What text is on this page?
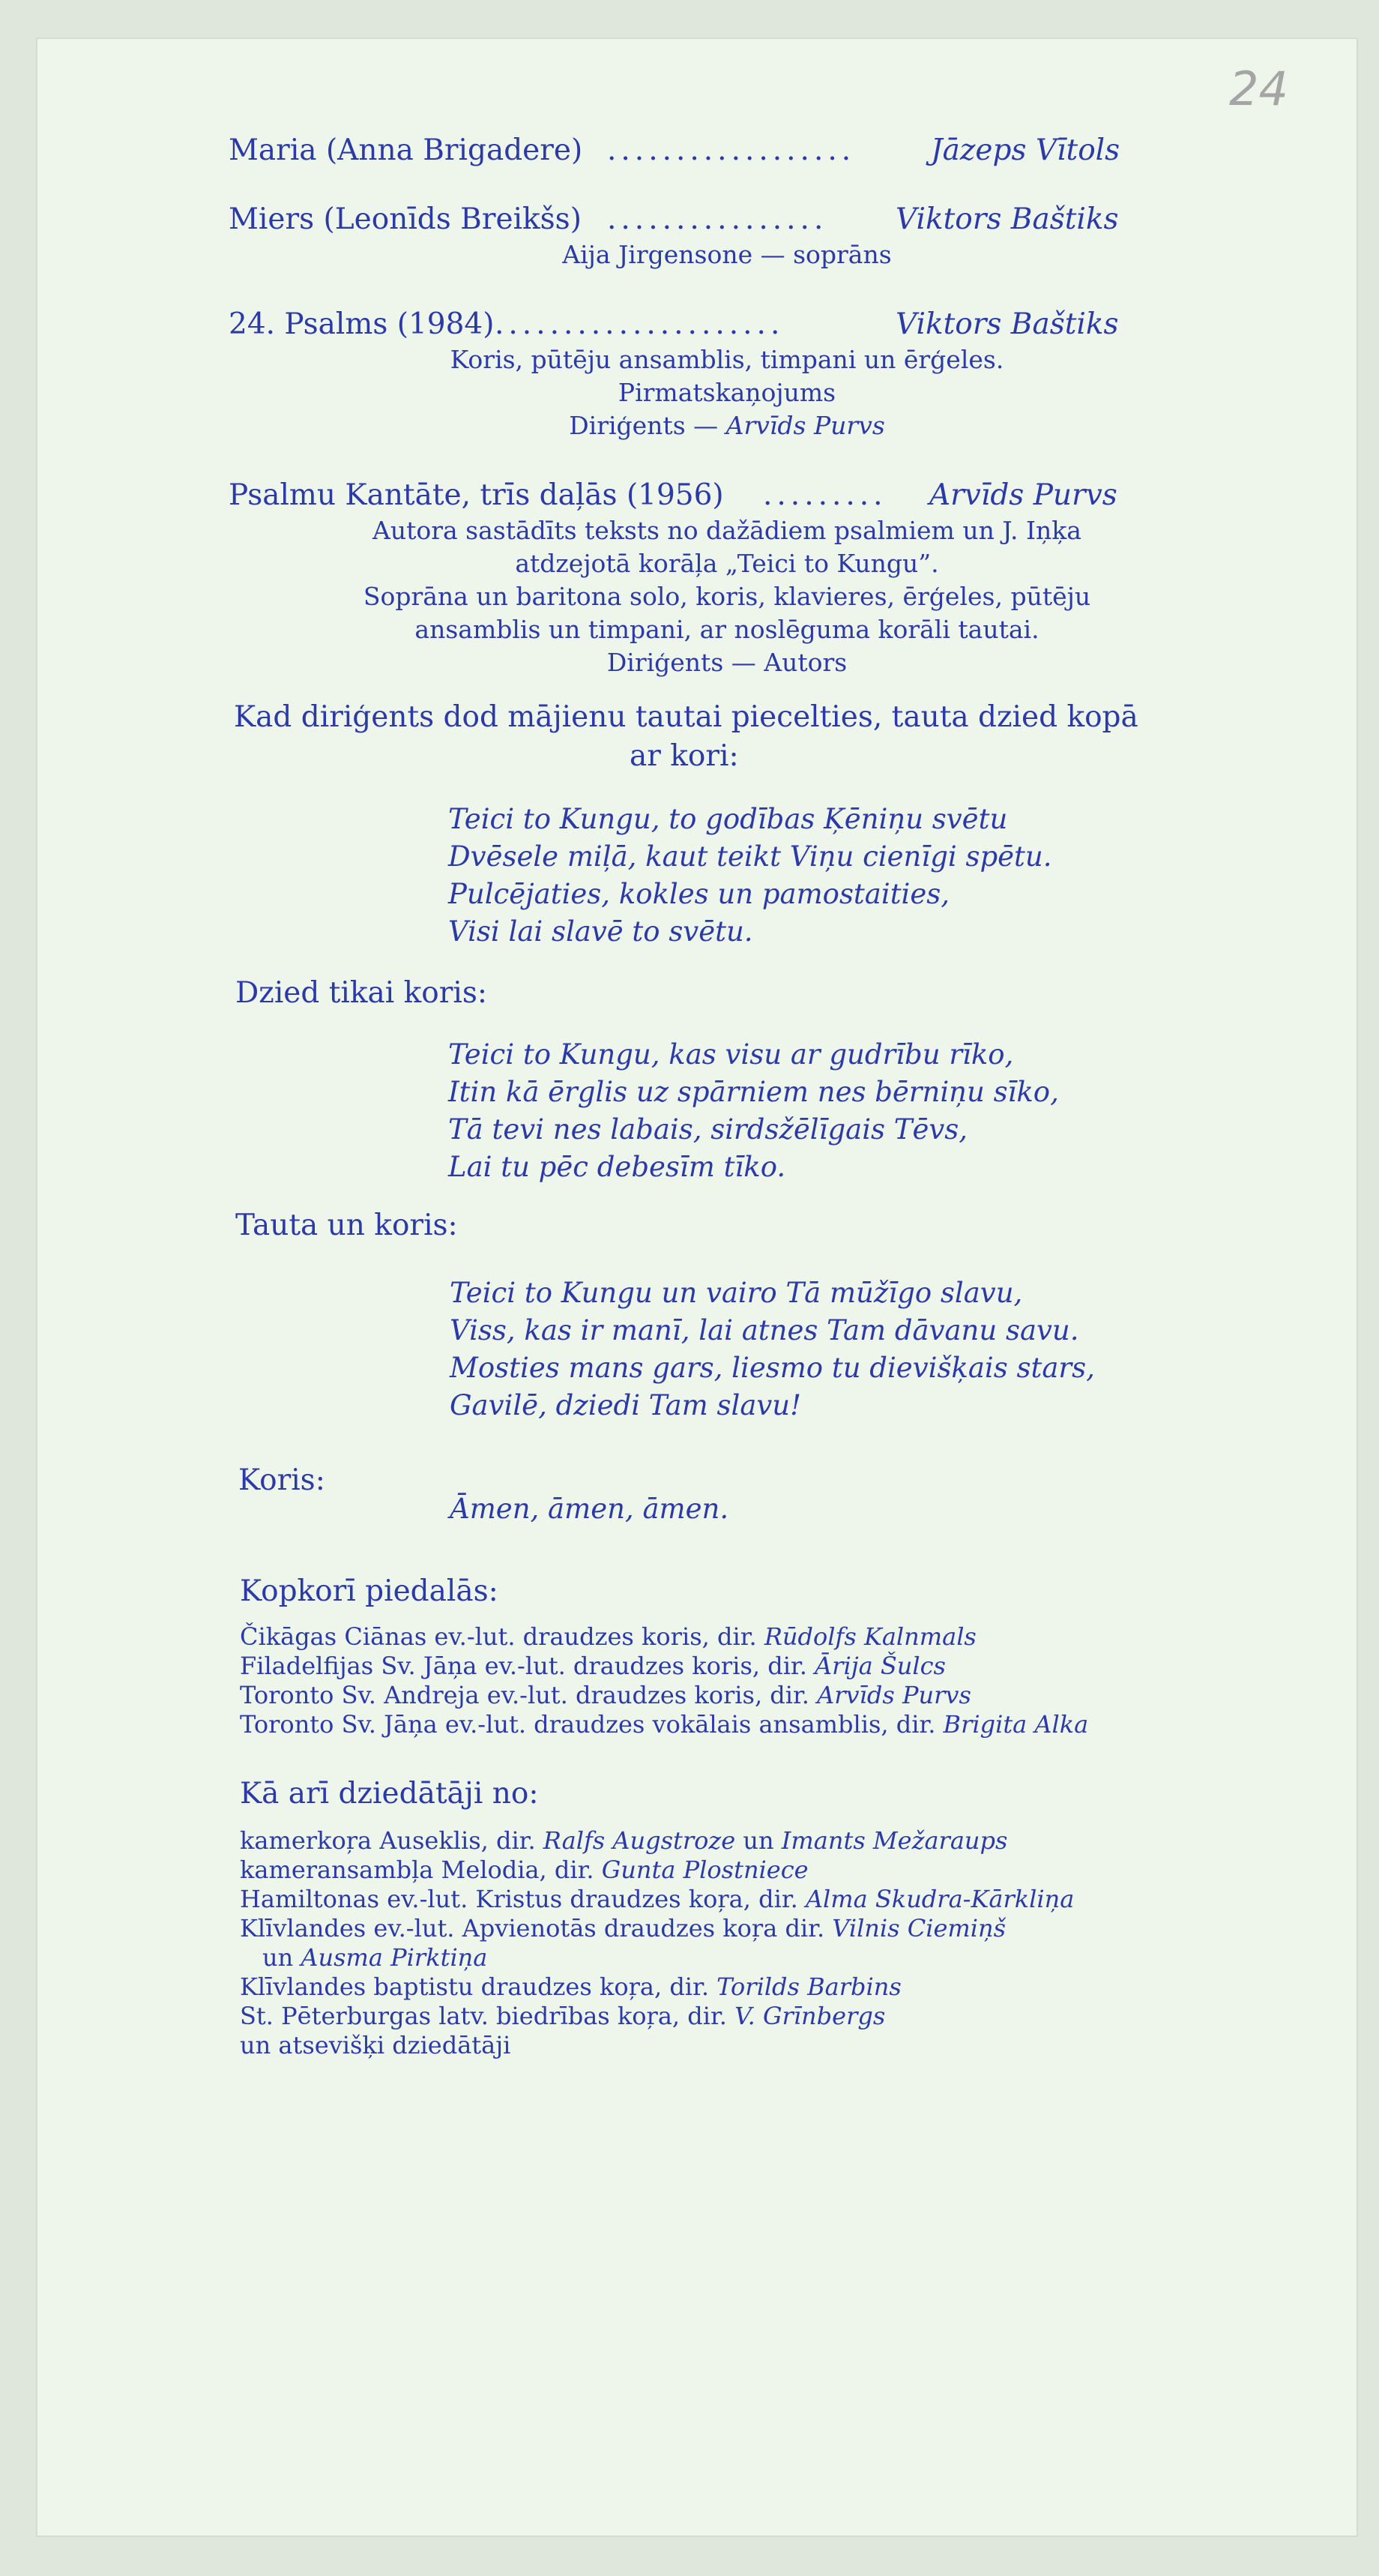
24
Maria (Anna Brigadere) ..................	Jāzeps Vītols
Miers (Leonīds Breikšs) ................ Viktors Baštiks
Aija Jirgensone — soprāns
24. Psalms (1984) .....................	Viktors Baštiks
Koris, pūtēju ansamblis, timpani un ērģeles.
Pirmatskaņojums
Diriģents — Arvīds Purvs
Psalmu Kantāte, trīs daļās (1956) ......... Arvīds Purvs
Autora sastādīts teksts no dažādiem psalmiem un J. Iņķa
atdzejotā korāļa „Teici to Kungu”.
Soprāna un baritona solo, koris, klavieres, ērģeles, pūtēju
ansamblis un timpani, ar noslēguma korāli tautai.
Diriģents — Autors
Kad diriģents dod mājienu tautai piecelties, tauta dzied kopā
ar kori:
Teici to Kungu, to godības Ķēniņu svētu
Dvēsele miļā, kaut teikt Viņu cienīgi spētu.
Pulcējaties, kokles un pamostaities,
Visi lai slavē to svētu.
Dzied tikai koris:
Teici to Kungu, kas visu ar gudrību rīko,
Itin kā ērglis uz spārniem nes bērniņu sīko,
Tā tevi nes labais, sirdsžēlīgais Tēvs,
Lai tu pēc debesīm tīko.
Tauta un koris:
Teici to Kungu un vairo Tā mūžīgo slavu,
Viss, kas ir manī, lai atnes Tam dāvanu savu.
Mosties mans gars, liesmo tu dievišķais stars,
Gavilē, dziedi Tam slavu!
Koris:
Āmen, āmen, āmen.
Kopkorī piedalās:
Čikāgas Ciānas ev.-lut. draudzes koris, dir. Rūdolfs Kalnmals
Filadelfijas Sv. Jāņa ev.-lut. draudzes koris, dir. Ārija Šulcs
Toronto Sv. Andreja ev.-lut. draudzes koris, dir. Arvīds Purvs
Toronto Sv. Jāņa ev.-lut. draudzes vokālais ansamblis, dir. Brigita Alka
Kā arī dziedātāji no:
kamerkoŗa Auseklis, dir. Ralfs Augstroze un Imants Mežaraups
kameransambļa Melodia, dir. Gunta Plostniece
Hamiltonas ev.-lut. Kristus draudzes koŗa, dir. Alma Skudra-Kārkliņa
Klīvlandes ev.-lut. Apvienotās draudzes koŗa dir. Vilnis Ciemiņš
un Ausma Pirktiņa
Klīvlandes baptistu draudzes koŗa, dir. Torilds Barbins
St. Pēterburgas latv. biedrības koŗa, dir. V. Grīnbergs
un atsevišķi dziedātāji
